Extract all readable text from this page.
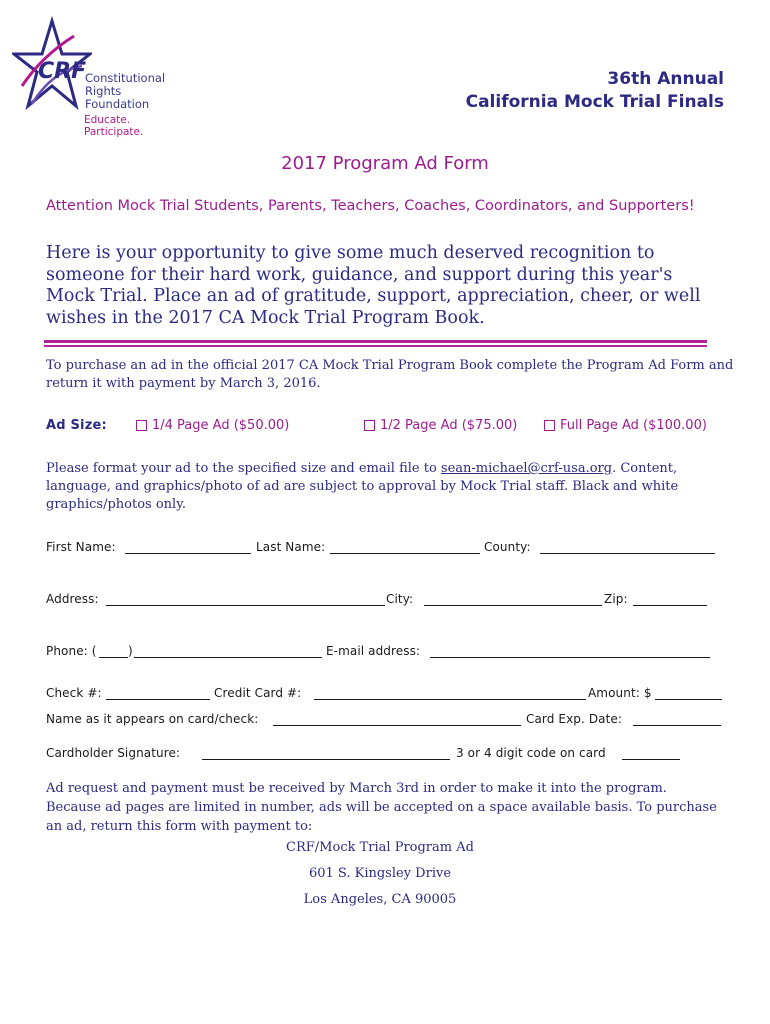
CRF
Constitutional
Rights
Foundation
Educate. Participate.
36th Annual
California Mock Trial Finals
2017 Program Ad Form
Attention Mock Trial Students, Parents, Teachers, Coaches, Coordinators, and Supporters!
Here is your opportunity to give some much deserved recognition to someone for their hard work, guidance, and support during this year's Mock Trial. Place an ad of gratitude, support, appreciation, cheer, or well wishes in the 2017 CA Mock Trial Program Book.
To purchase an ad in the official 2017 CA Mock Trial Program Book complete the Program Ad Form and return it with payment by March 3, 2016.
Ad Size:	1/4 Page Ad ($50.00)	1/2 Page Ad ($75.00)	Full Page Ad ($100.00)
Please format your ad to the specified size and email file to sean-michael@crf-usa.org. Content, language, and graphics/photo of ad are subject to approval by Mock Trial staff. Black and white graphics/photos only.
First Name:	Last Name:	County:
Address:	City:	Zip:
Phone: (	)	E-mail address:
Check #:	Credit Card #:	Amount: $
Name as it appears on card/check:	Card Exp. Date:
Cardholder Signature:	3 or 4 digit code on card
Ad request and payment must be received by March 3rd in order to make it into the program. Because ad pages are limited in number, ads will be accepted on a space available basis. To purchase an ad, return this form with payment to:
CRF/Mock Trial Program Ad
601 S. Kingsley Drive
Los Angeles, CA 90005
